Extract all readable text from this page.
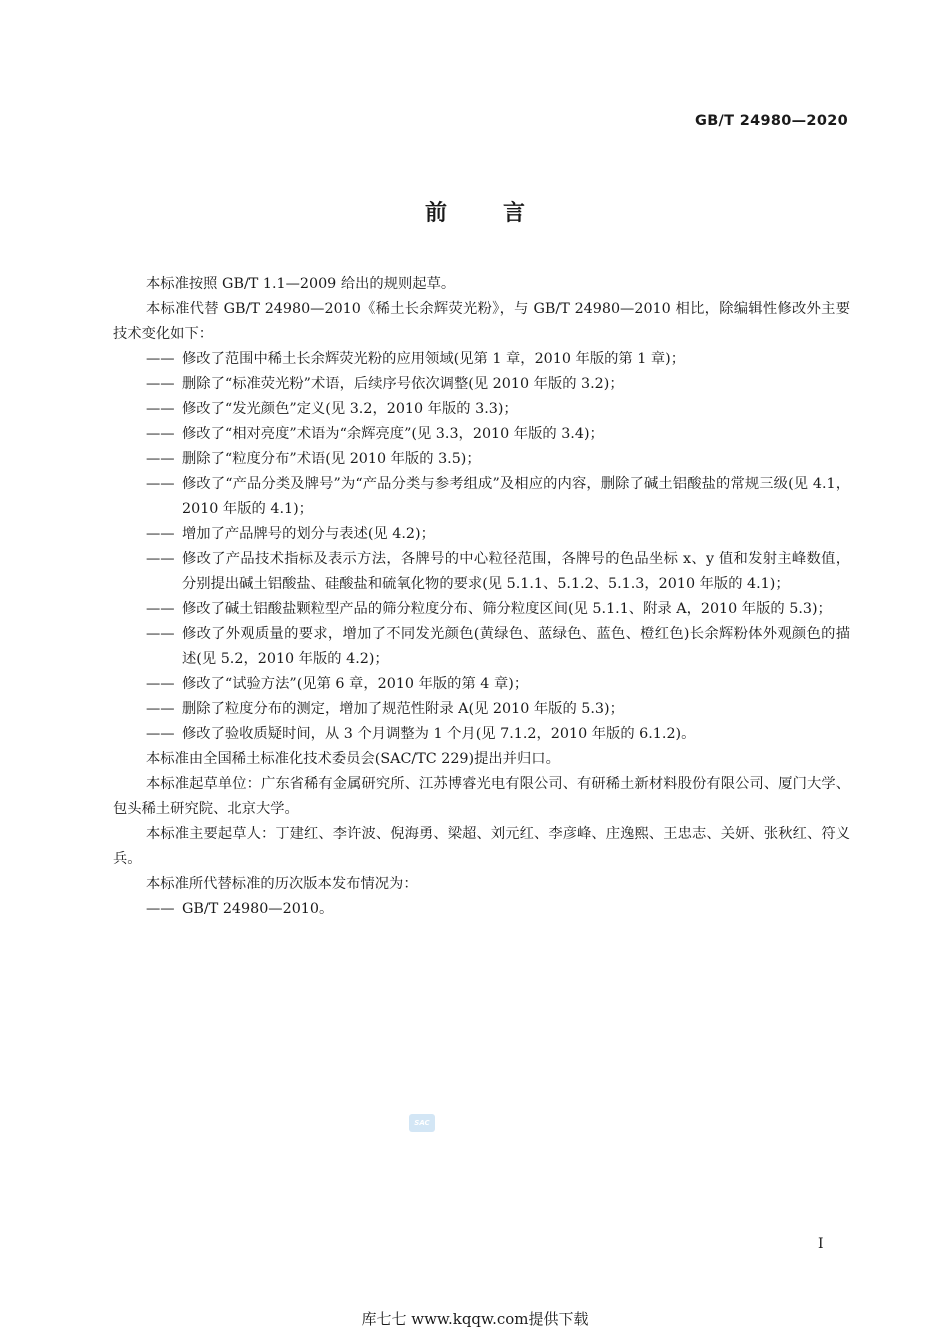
GB/T 24980—2020
前言

本标准按照 GB/T 1.1—2009 给出的规则起草。

本标准代替 GB/T 24980—2010《稀土长余辉荧光粉》，与 GB/T 24980—2010 相比，除编辑性修改外主要技术变化如下：

—— 修改了范围中稀土长余辉荧光粉的应用领域(见第 1 章，2010 年版的第 1 章)；

—— 删除了“标准荧光粉”术语，后续序号依次调整(见 2010 年版的 3.2)；

—— 修改了“发光颜色”定义(见 3.2，2010 年版的 3.3)；

—— 修改了“相对亮度”术语为“余辉亮度”(见 3.3，2010 年版的 3.4)；

—— 删除了“粒度分布”术语(见 2010 年版的 3.5)；

—— 修改了“产品分类及牌号”为“产品分类与参考组成”及相应的内容，删除了碱土铝酸盐的常规三级(见 4.1，2010 年版的 4.1)；

—— 增加了产品牌号的划分与表述(见 4.2)；

—— 修改了产品技术指标及表示方法，各牌号的中心粒径范围，各牌号的色品坐标 x、y 值和发射主峰数值，分别提出碱土铝酸盐、硅酸盐和硫氧化物的要求(见 5.1.1、5.1.2、5.1.3，2010 年版的 4.1)；

—— 修改了碱土铝酸盐颗粒型产品的筛分粒度分布、筛分粒度区间(见 5.1.1、附录 A，2010 年版的 5.3)；

—— 修改了外观质量的要求，增加了不同发光颜色(黄绿色、蓝绿色、蓝色、橙红色)长余辉粉体外观颜色的描述(见 5.2，2010 年版的 4.2)；

—— 修改了“试验方法”(见第 6 章，2010 年版的第 4 章)；

—— 删除了粒度分布的测定，增加了规范性附录 A(见 2010 年版的 5.3)；

—— 修改了验收质疑时间，从 3 个月调整为 1 个月(见 7.1.2，2010 年版的 6.1.2)。

本标准由全国稀土标准化技术委员会(SAC/TC 229)提出并归口。

本标准起草单位：广东省稀有金属研究所、江苏博睿光电有限公司、有研稀土新材料股份有限公司、厦门大学、包头稀土研究院、北京大学。

本标准主要起草人：丁建红、李许波、倪海勇、梁超、刘元红、李彦峰、庄逸熙、王忠志、关妍、张秋红、符义兵。

本标准所代替标准的历次版本发布情况为：

—— GB/T 24980—2010。

SAC
I
库七七 www.kqqw.com提供下载
